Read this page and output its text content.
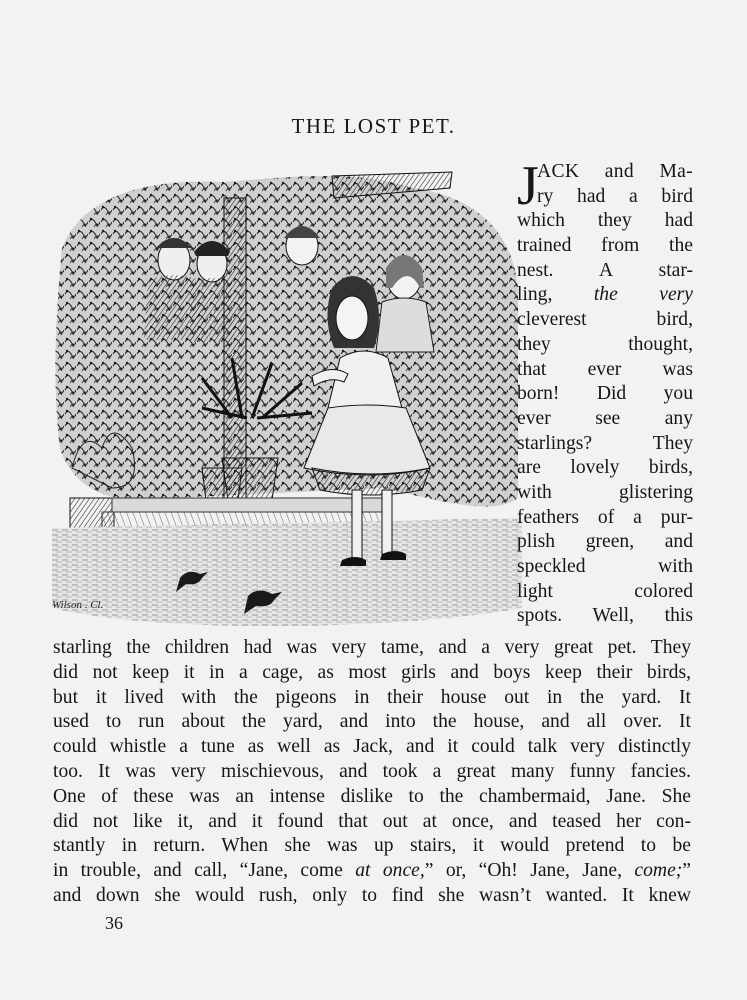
THE LOST PET.
Wilson . Cl.
J
ACK and Ma-
ry had a bird
which they had
trained from the
nest. A star-
ling, the very
cleverest bird,
they thought,
that ever was
born! Did you
ever see any
starlings? They
are lovely birds,
with glistering
feathers of a pur-
plish green, and
speckled with
light colored
spots. Well, this
starling the children had was very tame, and a very great pet. They
did not keep it in a cage, as most girls and boys keep their birds,
but it lived with the pigeons in their house out in the yard. It
used to run about the yard, and into the house, and all over. It
could whistle a tune as well as Jack, and it could talk very distinctly
too. It was very mischievous, and took a great many funny fancies.
One of these was an intense dislike to the chambermaid, Jane. She
did not like it, and it found that out at once, and teased her con-
stantly in return. When she was up stairs, it would pretend to be
in trouble, and call, “Jane, come at once,” or, “Oh! Jane, Jane, come;”
and down she would rush, only to find she wasn’t wanted. It knew
36
